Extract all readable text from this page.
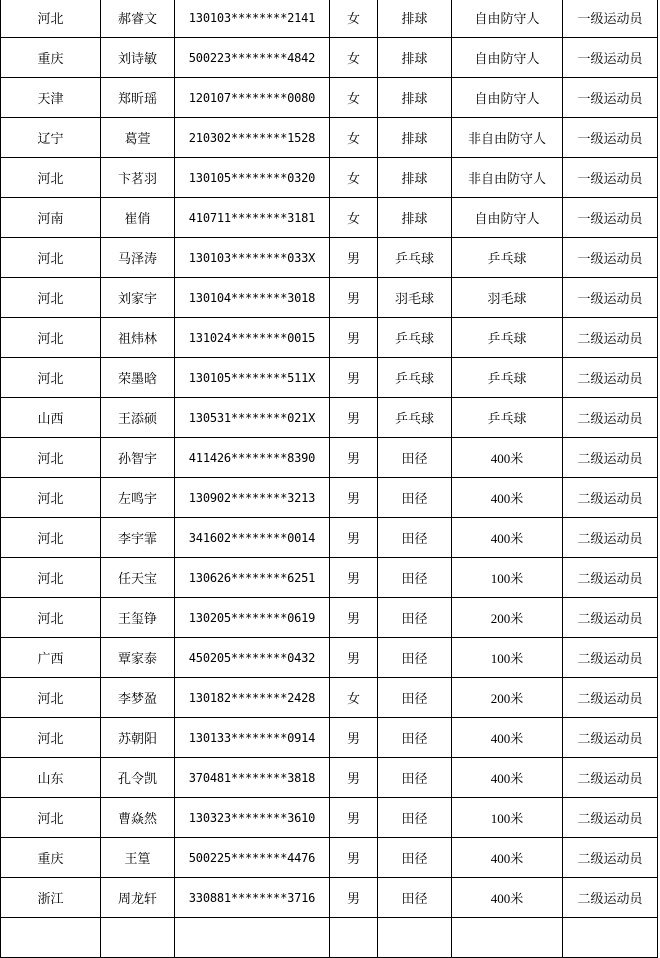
河北	郝睿文	130103********2141	女	排球	自由防守人	一级运动员
重庆	刘诗敏	500223********4842	女	排球	自由防守人	一级运动员
天津	郑昕瑶	120107********0080	女	排球	自由防守人	一级运动员
辽宁	葛萱	210302********1528	女	排球	非自由防守人	一级运动员
河北	卞茗羽	130105********0320	女	排球	非自由防守人	一级运动员
河南	崔俏	410711********3181	女	排球	自由防守人	一级运动员
河北	马泽涛	130103********033X	男	乒乓球	乒乓球	一级运动员
河北	刘家宇	130104********3018	男	羽毛球	羽毛球	一级运动员
河北	祖炜林	131024********0015	男	乒乓球	乒乓球	二级运动员
河北	荣墨晗	130105********511X	男	乒乓球	乒乓球	二级运动员
山西	王添硕	130531********021X	男	乒乓球	乒乓球	二级运动员
河北	孙智宇	411426********8390	男	田径	400米	二级运动员
河北	左鸣宇	130902********3213	男	田径	400米	二级运动员
河北	李宇霏	341602********0014	男	田径	400米	二级运动员
河北	任天宝	130626********6251	男	田径	100米	二级运动员
河北	王玺铮	130205********0619	男	田径	200米	二级运动员
广西	覃家泰	450205********0432	男	田径	100米	二级运动员
河北	李梦盈	130182********2428	女	田径	200米	二级运动员
河北	苏朝阳	130133********0914	男	田径	400米	二级运动员
山东	孔令凯	370481********3818	男	田径	400米	二级运动员
河北	曹焱然	130323********3610	男	田径	100米	二级运动员
重庆	王篁	500225********4476	男	田径	400米	二级运动员
浙江	周龙轩	330881********3716	男	田径	400米	二级运动员
